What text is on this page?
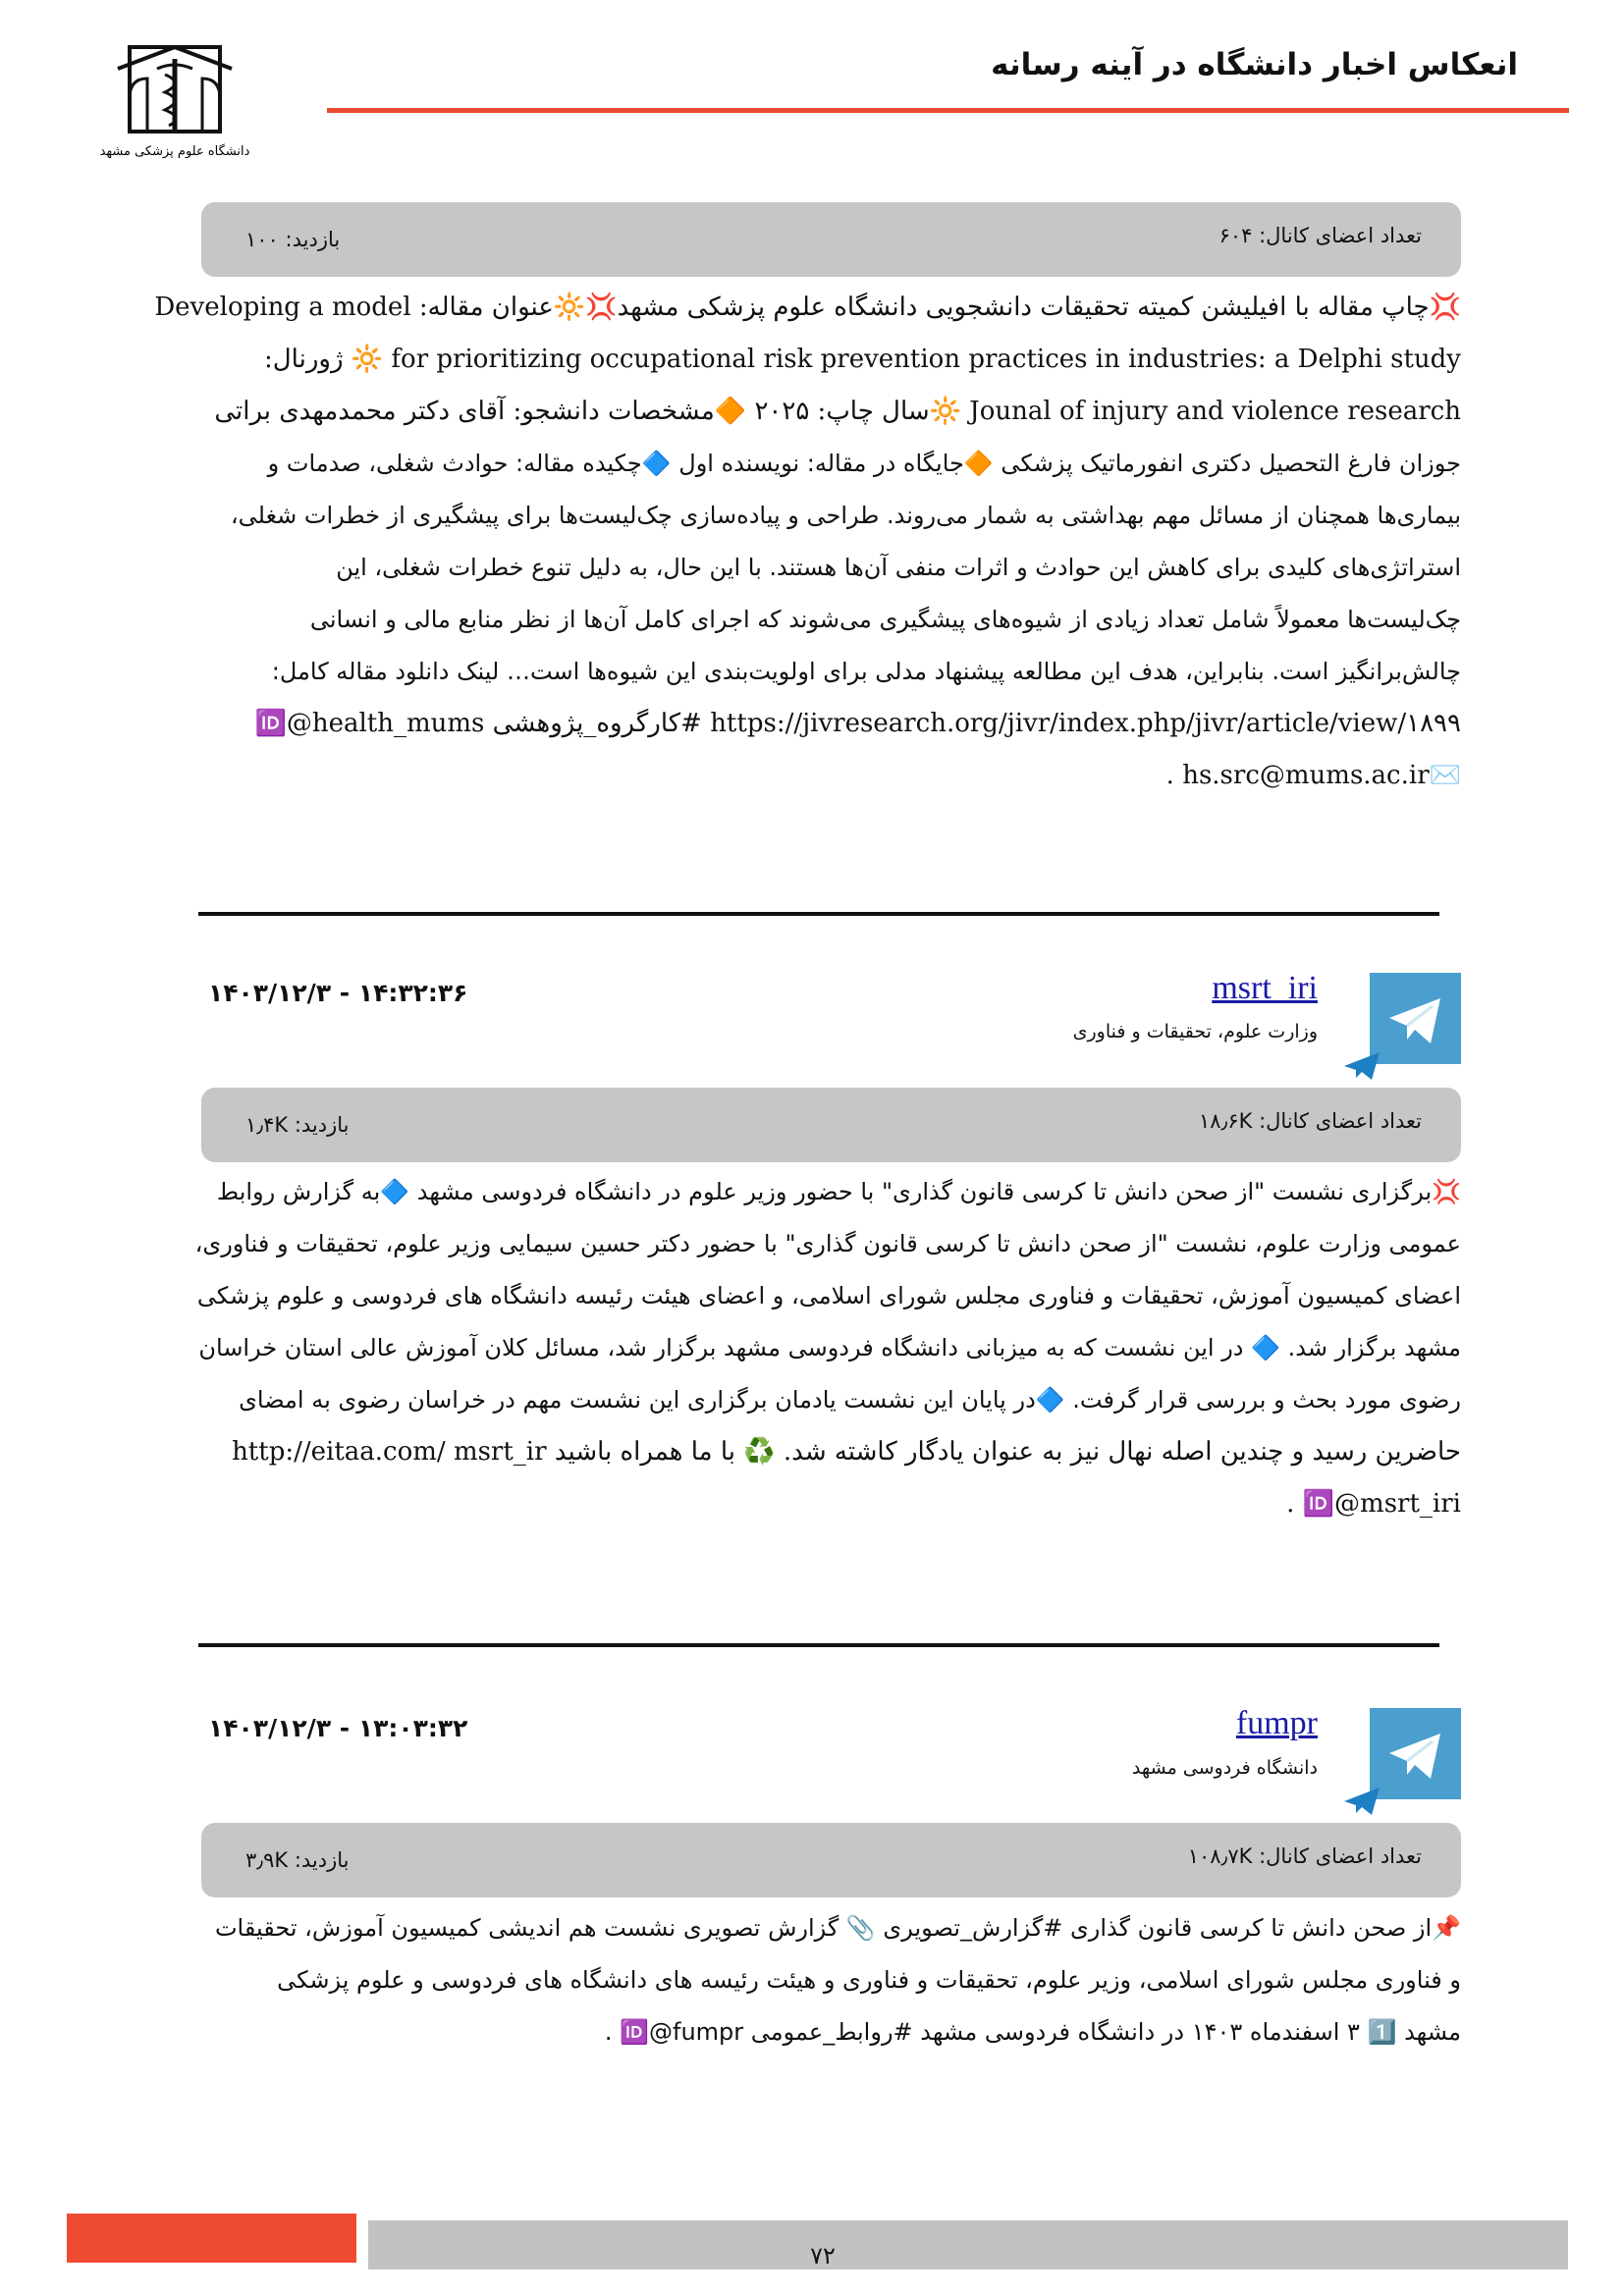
دانشگاه علوم پزشکی مشهد
انعکاس اخبار دانشگاه در آینه رسانه
تعداد اعضای کانال: ۶۰۴
بازدید: ۱۰۰

💢چاپ مقاله با افیلیشن کمیته تحقیقات دانشجویی دانشگاه علوم پزشکی مشهد💢🔆عنوان مقاله: Developing a model

for prioritizing occupational risk prevention practices in industries: a Delphi study 🔆 ژورنال:

Jounal of injury and violence research 🔆سال چاپ: ۲۰۲۵ 🔶مشخصات دانشجو: آقای دکتر محمدمهدی براتی

جوزان فارغ التحصیل دکتری انفورماتیک پزشکی 🔶جایگاه در مقاله: نویسنده اول 🔷چکیده مقاله: حوادث شغلی، صدمات و

بیماری‌ها همچنان از مسائل مهم بهداشتی به شمار می‌روند. طراحی و پیاده‌سازی چک‌لیست‌ها برای پیشگیری از خطرات شغلی،

استراتژی‌های کلیدی برای کاهش این حوادث و اثرات منفی آن‌ها هستند. با این حال، به دلیل تنوع خطرات شغلی، این

چک‌لیست‌ها معمولاً شامل تعداد زیادی از شیوه‌های پیشگیری می‌شوند که اجرای کامل آن‌ها از نظر منابع مالی و انسانی

چالش‌برانگیز است. بنابراین، هدف این مطالعه پیشنهاد مدلی برای اولویت‌بندی این شیوه‌ها است… لینک دانلود مقاله کامل:

https://jivresearch.org/jivr/index.php/jivr/article/view/۱۸۹۹ #کارگروه_پژوهشی 🆔@health_mums

✉️hs.src@mums.ac.ir .

msrt_iri
وزارت علوم، تحقیقات و فناوری
۱۴۰۳/۱۲/۳ - ۱۴:۳۲:۳۶
تعداد اعضای کانال: ۱۸٫۶K
بازدید: ۱٫۴K

💢برگزاری نشست "از صحن دانش تا کرسی قانون گذاری" با حضور وزیر علوم در دانشگاه فردوسی مشهد 🔷به گزارش روابط

عمومی وزارت علوم، نشست "از صحن دانش تا کرسی قانون گذاری" با حضور دکتر حسین سیمایی وزیر علوم، تحقیقات و فناوری،

اعضای کمیسیون آموزش، تحقیقات و فناوری مجلس شورای اسلامی، و اعضای هیئت رئیسه دانشگاه های فردوسی و علوم پزشکی

مشهد برگزار شد. 🔷 در این نشست که به میزبانی دانشگاه فردوسی مشهد برگزار شد، مسائل کلان آموزش عالی استان خراسان

رضوی مورد بحث و بررسی قرار گرفت. 🔷در پایان این نشست یادمان برگزاری این نشست مهم در خراسان رضوی به امضای

حاضرین رسید و چندین اصله نهال نیز به عنوان یادگار کاشته شد. ♻️ با ما همراه باشید http://eitaa.com/ msrt_ir

🆔@msrt_iri .

fumpr
دانشگاه فردوسی مشهد
۱۴۰۳/۱۲/۳ - ۱۳:۰۳:۳۲
تعداد اعضای کانال: ۱۰۸٫۷K
بازدید: ۳٫۹K

📌از صحن دانش تا کرسی قانون گذاری #گزارش_تصویری 📎 گزارش تصویری نشست هم اندیشی کمیسیون آموزش، تحقیقات

و فناوری مجلس شورای اسلامی، وزیر علوم، تحقیقات و فناوری و هیئت رئیسه های دانشگاه های فردوسی و علوم پزشکی

مشهد 1️⃣ ۳ اسفندماه ۱۴۰۳ در دانشگاه فردوسی مشهد #روابط_عمومی 🆔@fumpr .

۷۲
